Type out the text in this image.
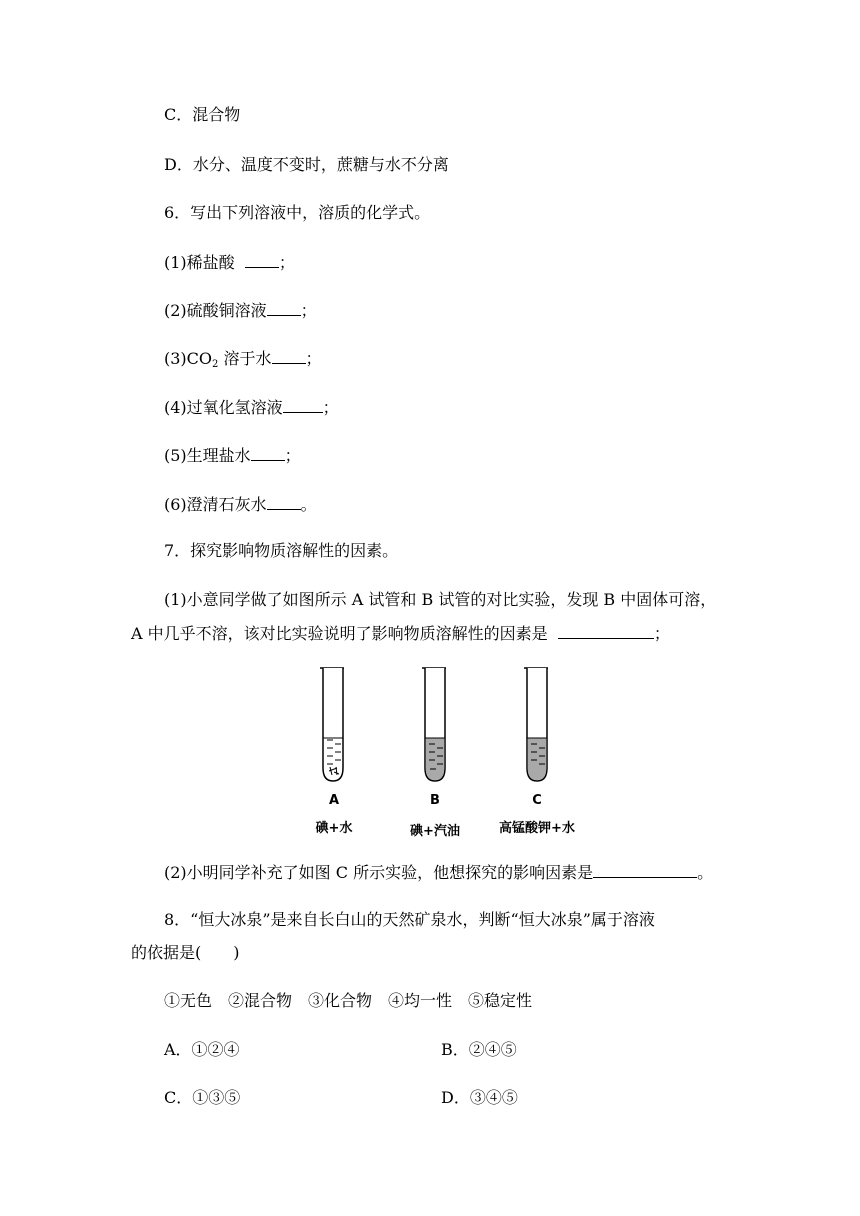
C．混合物
D．水分、温度不变时，蔗糖与水不分离
6．写出下列溶液中，溶质的化学式。
(1)稀盐酸	；
(2)硫酸铜溶液 ；
$(3)CO_2$ 溶于水 ；
(4)过氧化氢溶液	；
(5)生理盐水 ；
(6)澄清石灰水 。
7．探究影响物质溶解性的因素。
(1)小意同学做了如图所示 A 试管和 B 试管的对比实验，发现 B 中固体可溶，
A 中几乎不溶，该对比实验说明了影响物质溶解性的因素是	；
A
碘+水
B
碘+汽油
C
高锰酸钾+水
(2)小明同学补充了如图 C 所示实验，他想探究的影响因素是	。
8．“恒大冰泉”是来自长白山的天然矿泉水，判断“恒大冰泉”属于溶液
的依据是(　　)
①无色　②混合物　③化合物　④均一性　⑤稳定性
A．①②④	B．②④⑤
C．①③⑤	D．③④⑤
